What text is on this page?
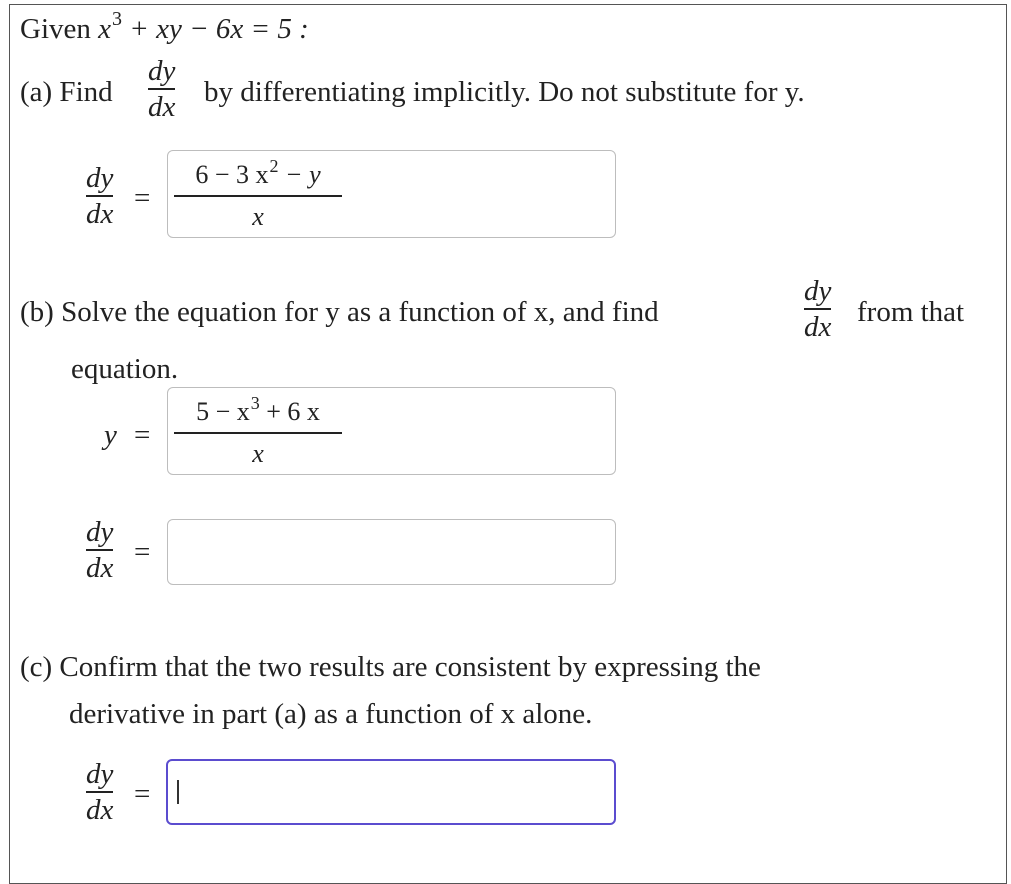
Given $x^3$ + xy − 6x = 5 :
(a) Find
dy
dx by differentiating implicitly. Do not substitute for y.
dy
dx =
6 − 3 $x^2 - y$
x
(b) Solve the equation for y as a function of x, and find
dy
dx from that
equation.
y =
$5 - x^3 + 6$ x
x
dy
dx =
(c) Confirm that the two results are consistent by expressing the
derivative in part (a) as a function of x alone.
dy
dx =
